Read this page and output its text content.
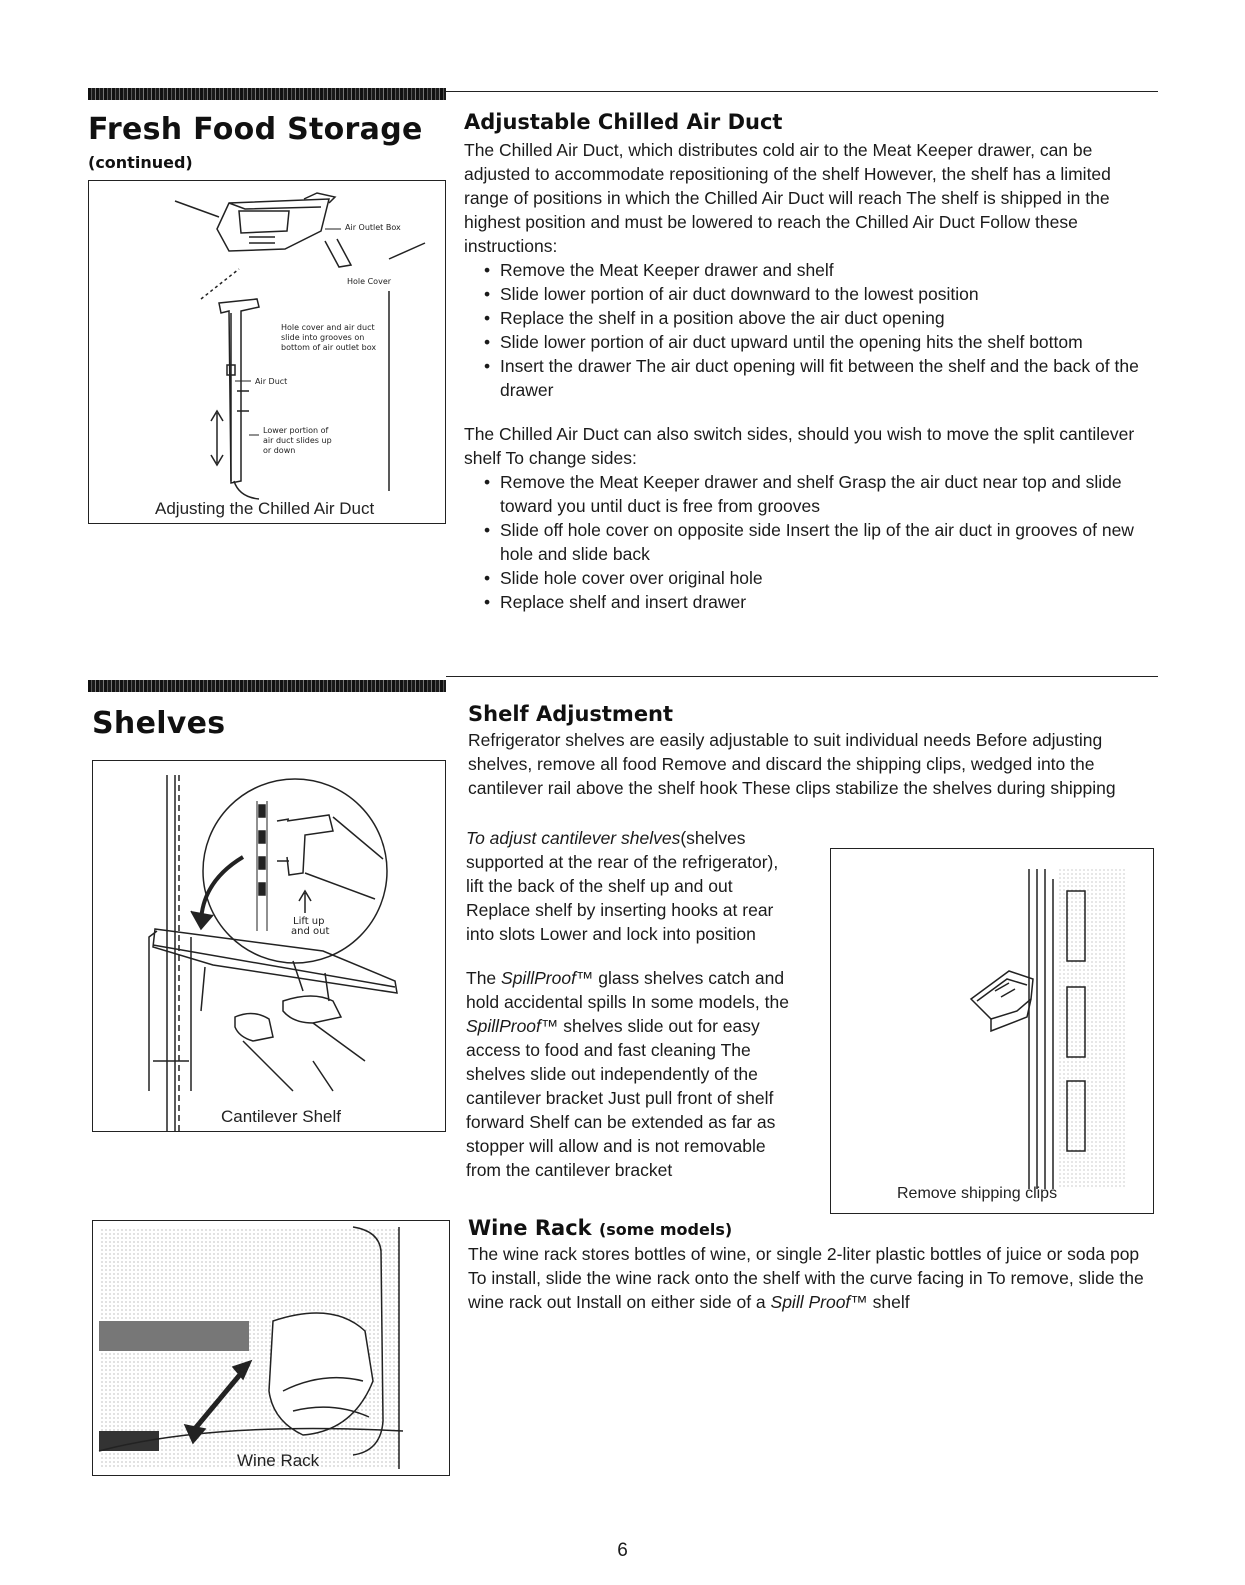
Fresh Food Storage
(continued)
Air Outlet Box
Hole Cover
Hole cover and air duct
slide into grooves on
bottom of air outlet box
Air Duct
Lower portion of
air duct slides up
or down
Adjusting the Chilled Air Duct
Adjustable Chilled Air Duct

The Chilled Air Duct, which distributes cold air to the Meat Keeper drawer, can be adjusted to accommodate repositioning of the shelf However, the shelf has a limited range of positions in which the Chilled Air Duct will reach The shelf is shipped in the highest position and must be lowered to reach the Chilled Air Duct Follow these instructions:

• Remove the Meat Keeper drawer and shelf
• Slide lower portion of air duct downward to the lowest position
• Replace the shelf in a position above the air duct opening
• Slide lower portion of air duct upward until the opening hits the shelf bottom
• Insert the drawer The air duct opening will fit between the shelf and the back of the drawer

The Chilled Air Duct can also switch sides, should you wish to move the split cantilever shelf To change sides:

• Remove the Meat Keeper drawer and shelf Grasp the air duct near top and slide toward you until duct is free from grooves
• Slide off hole cover on opposite side Insert the lip of the air duct in grooves of new hole and slide back
• Slide hole cover over original hole
• Replace shelf and insert drawer
Shelves
Lift up
and out
Cantilever Shelf
Wine Rack
Shelf Adjustment
Refrigerator shelves are easily adjustable to suit individual needs Before adjusting shelves, remove all food Remove and discard the shipping clips, wedged into the cantilever rail above the shelf hook These clips stabilize the shelves during shipping

To adjust cantilever shelves(shelves supported at the rear of the refrigerator), lift the back of the shelf up and out Replace shelf by inserting hooks at rear into slots Lower and lock into position

The SpillProof™ glass shelves catch and hold accidental spills In some models, the SpillProof™ shelves slide out for easy access to food and fast cleaning The shelves slide out independently of the cantilever bracket Just pull front of shelf forward Shelf can be extended as far as stopper will allow and is not removable from the cantilever bracket

Remove shipping clips
Wine Rack (some models)

The wine rack stores bottles of wine, or single 2-liter plastic bottles of juice or soda pop To install, slide the wine rack onto the shelf with the curve facing in To remove, slide the wine rack out Install on either side of a Spill Proof™ shelf

6
